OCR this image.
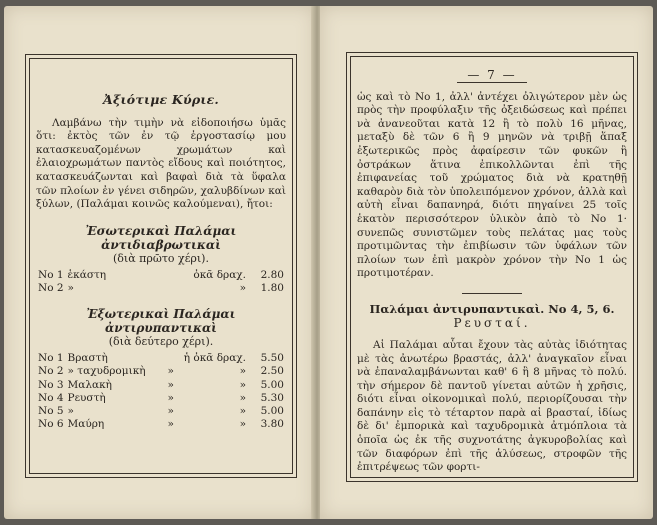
Ἀξιότιμε Κύριε.
Λαμβάνω τὴν τιμὴν νὰ εἰδοποιήσω ὑμᾶς ὅτι: ἐκτὸς τῶν ἐν τῷ ἐργοστασίῳ μου κατασκευαζομένων χρωμάτων καὶ ἐλαιοχρωμάτων παντὸς εἴδους καὶ ποιότητος, κατασκευάζωνται καὶ βαφαὶ διὰ τὰ ὕφαλα τῶν πλοίων ἐν γένει σιδηρῶν, χαλυβδίνων καὶ ξύλων, (Παλάμαι κοινῶς καλούμεναι), ἤτοι:
Ἐσωτερικαὶ Παλάμαι ἀντιδιαβρωτικαὶ
(διὰ πρῶτο χέρι).
Νο 1	ἑκάστη	ὀκᾶ δραχ.	2.80
Νο 2	»	»	1.80
Ἐξωτερικαὶ Παλάμαι ἀντιρυπαντικαὶ
(διὰ δεύτερο χέρι).
Νο 1	Βραστὴ		ἡ ὀκᾶ δραχ.	5.50
Νο 2	» ταχυδρομικὴ	»	»	2.50
Νο 3	Μαλακὴ	»	»	5.00
Νο 4	Ρευστὴ	»	»	5.30
Νο 5	»	»	»	5.00
Νο 6	Μαύρη	»	»	3.80
— 7 —
ὡς καὶ τὸ Νο 1, ἀλλ' ἀντέχει ὀλιγώτερον μὲν ὡς πρὸς τὴν προφύλαξιν τῆς ὀξειδώσεως καὶ πρέπει νὰ ἀνανεοῦται κατὰ 12 ἢ τὸ πολὺ 16 μῆνας, μεταξὺ δὲ τῶν 6 ἢ 9 μηνῶν νὰ τριβῇ ἅπαξ ἐξωτερικῶς πρὸς ἀφαίρεσιν τῶν φυκῶν ἢ ὀστράκων ἅτινα ἐπικολλῶνται ἐπὶ τῆς ἐπιφανείας τοῦ χρώματος διὰ νὰ κρατηθῇ καθαρὸν διὰ τὸν ὑπολειπόμενον χρόνον, ἀλλὰ καὶ αὐτὴ εἶναι δαπανηρά, διότι πηγαίνει 25 τοῖς ἑκατὸν περισσότερον ὑλικὸν ἀπὸ τὸ Νο 1· συνεπῶς συνιστῶμεν τοὺς πελάτας μας τοὺς προτιμῶντας τὴν ἐπιβίωσιν τῶν ὑφάλων τῶν πλοίων των ἐπὶ μακρὸν χρόνον τὴν Νο 1 ὡς προτιμοτέραν.
Παλάμαι ἀντιρυπαντικαὶ. Νο 4, 5, 6.
Ρευσταί.
Αἱ Παλάμαι αὗται ἔχουν τὰς αὐτὰς ἰδιότητας μὲ τὰς ἀνωτέρω βραστάς, ἀλλ' ἀναγκαῖον εἶναι νὰ ἐπαναλαμβάνωνται καθ' 6 ἢ 8 μῆνας τὸ πολύ. τὴν σήμερον δὲ παντοῦ γίνεται αὐτῶν ἡ χρῆσις, διότι εἶναι οἰκονομικαὶ πολύ, περιορίζουσαι τὴν δαπάνην εἰς τὸ τέταρτον παρὰ αἱ βρασταί, ἰδίως δὲ δι' ἐμπορικὰ καὶ ταχυδρομικὰ ἀτμόπλοια τὰ ὁποῖα ὡς ἐκ τῆς συχνοτάτης ἀγκυροβολίας καὶ τῶν διαφόρων ἐπὶ τῆς ἁλύσεως, στροφῶν τῆς ἐπιτρέψεως τῶν φορτι-
